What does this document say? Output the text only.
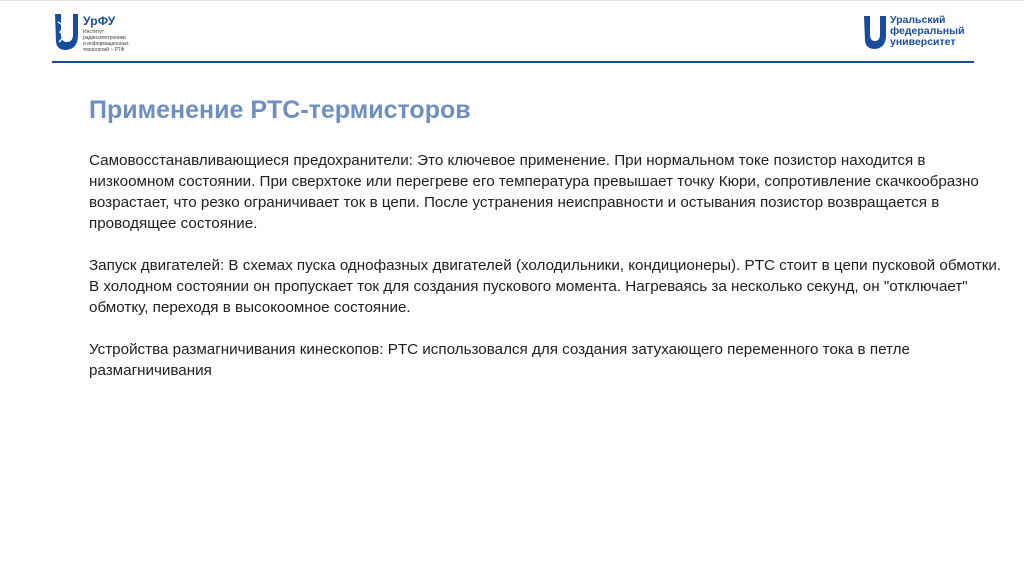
УрФУ
Институт
радиоэлектроники
и информационных
технологий – РТФ
Уральский
федеральный
университет
Применение PTC-термисторов

Самовосстанавливающиеся предохранители: Это ключевое применение. При нормальном токе позистор находится в низкоомном состоянии. При сверхтоке или перегреве его температура превышает точку Кюри, сопротивление скачкообразно возрастает, что резко ограничивает ток в цепи. После устранения неисправности и остывания позистор возвращается в проводящее состояние.

Запуск двигателей: В схемах пуска однофазных двигателей (холодильники, кондиционеры). PTC стоит в цепи пусковой обмотки. В холодном состоянии он пропускает ток для создания пускового момента. Нагреваясь за несколько секунд, он "отключает" обмотку, переходя в высокоомное состояние.

Устройства размагничивания кинескопов: PTC использовался для создания затухающего переменного тока в петле размагничивания
